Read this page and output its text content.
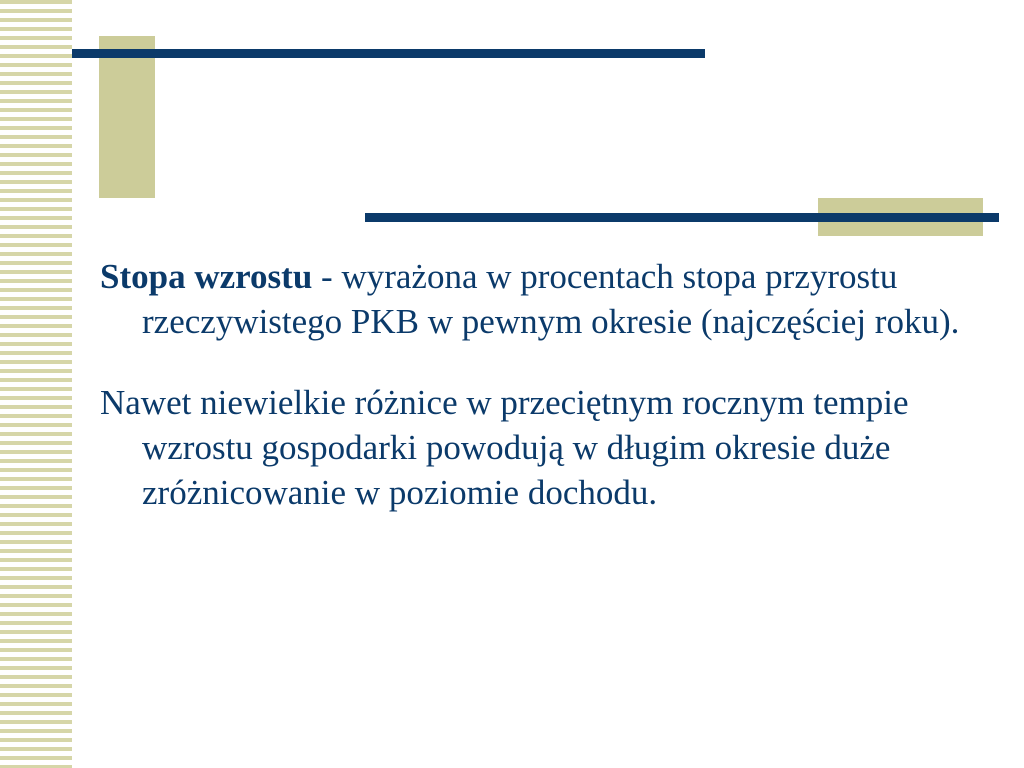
Stopa wzrostu - wyrażona w procentach stopa przyrostu rzeczywistego PKB w pewnym okresie (najczęściej roku).

Nawet niewielkie różnice w przeciętnym rocznym tempie wzrostu gospodarki powodują w długim okresie duże zróżnicowanie w poziomie dochodu.
